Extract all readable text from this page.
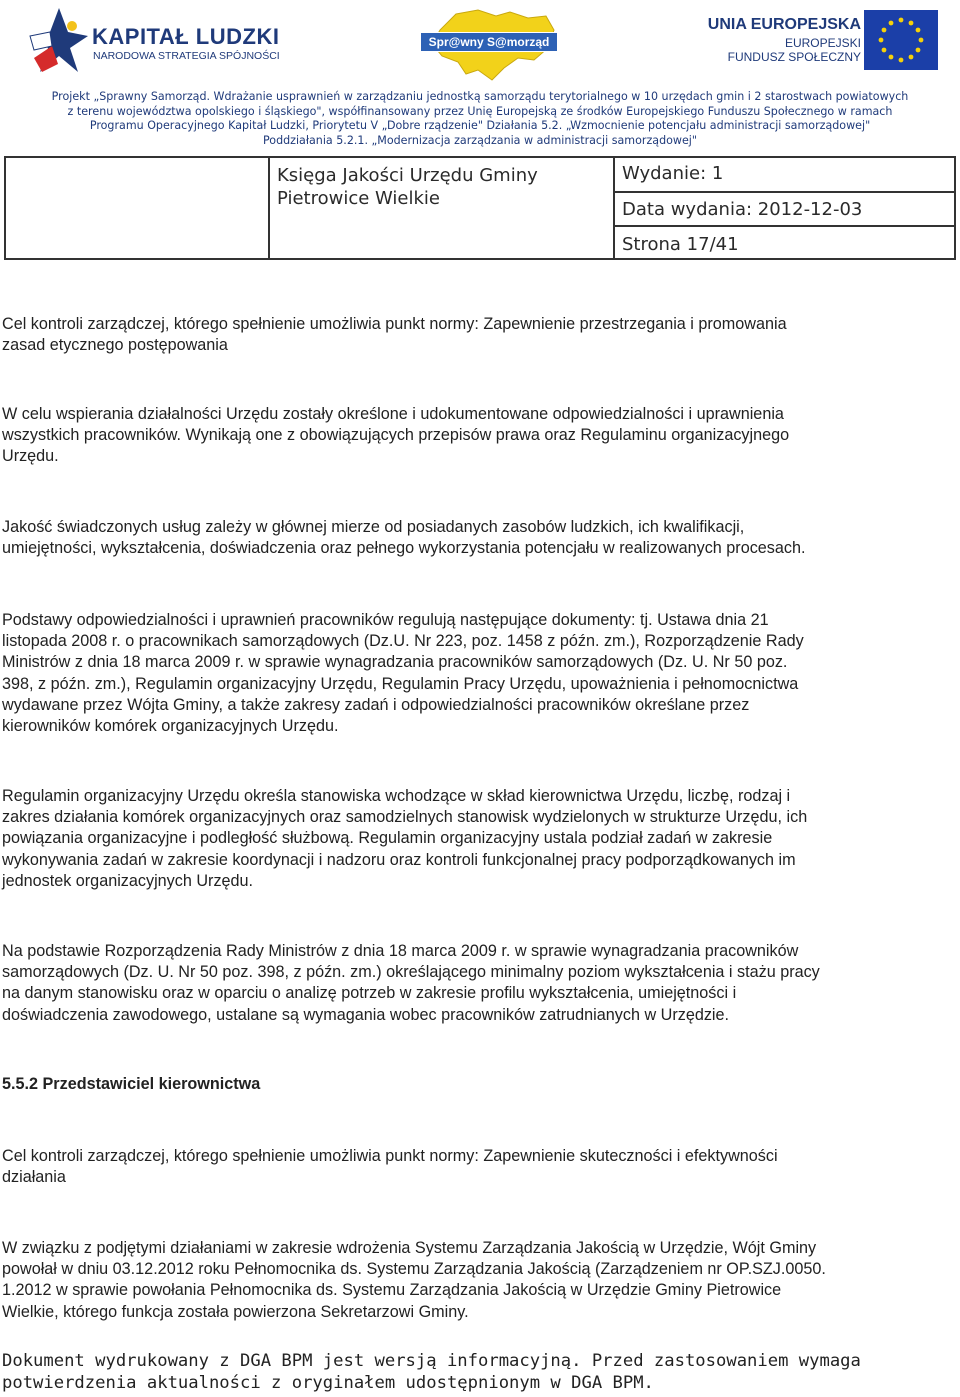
KAPITAŁ LUDZKI
NARODOWA STRATEGIA SPÓJNOŚCI
Spr@wny S@morząd
UNIA EUROPEJSKA
EUROPEJSKI
FUNDUSZ SPOŁECZNY
Projekt „Sprawny Samorząd. Wdrażanie usprawnień w zarządzaniu jednostką samorządu terytorialnego w 10 urzędach gmin i 2 starostwach powiatowych
z terenu województwa opolskiego i śląskiego", współfinansowany przez Unię Europejską ze środków Europejskiego Funduszu Społecznego w ramach
Programu Operacyjnego Kapitał Ludzki, Priorytetu V „Dobre rządzenie" Działania 5.2. „Wzmocnienie potencjału administracji samorządowej"
Poddziałania 5.2.1. „Modernizacja zarządzania w administracji samorządowej"
Księga Jakości Urzędu Gminy
Pietrowice Wielkie
Wydanie: 1
Data wydania: 2012-12-03
Strona 17/41
Cel kontroli zarządczej, którego spełnienie umożliwia punkt normy: Zapewnienie przestrzegania i promowania
zasad etycznego postępowania
W celu wspierania działalności Urzędu zostały określone i udokumentowane odpowiedzialności i uprawnienia
wszystkich pracowników. Wynikają one z obowiązujących przepisów prawa oraz Regulaminu organizacyjnego
Urzędu.
Jakość świadczonych usług zależy w głównej mierze od posiadanych zasobów ludzkich, ich kwalifikacji,
umiejętności, wykształcenia, doświadczenia oraz pełnego wykorzystania potencjału w realizowanych procesach.
Podstawy odpowiedzialności i uprawnień pracowników regulują następujące dokumenty: tj. Ustawa dnia 21
listopada 2008 r. o pracownikach samorządowych (Dz.U. Nr 223, poz. 1458 z późn. zm.), Rozporządzenie Rady
Ministrów z dnia 18 marca 2009 r. w sprawie wynagradzania pracowników samorządowych (Dz. U. Nr 50 poz.
398, z późn. zm.), Regulamin organizacyjny Urzędu, Regulamin Pracy Urzędu, upoważnienia i pełnomocnictwa
wydawane przez Wójta Gminy, a także zakresy zadań i odpowiedzialności pracowników określane przez
kierowników komórek organizacyjnych Urzędu.
Regulamin organizacyjny Urzędu określa stanowiska wchodzące w skład kierownictwa Urzędu, liczbę, rodzaj i
zakres działania komórek organizacyjnych oraz samodzielnych stanowisk wydzielonych w strukturze Urzędu, ich
powiązania organizacyjne i podległość służbową. Regulamin organizacyjny ustala podział zadań w zakresie
wykonywania zadań w zakresie koordynacji i nadzoru oraz kontroli funkcjonalnej pracy podporządkowanych im
jednostek organizacyjnych Urzędu.
Na podstawie Rozporządzenia Rady Ministrów z dnia 18 marca 2009 r. w sprawie wynagradzania pracowników
samorządowych (Dz. U. Nr 50 poz. 398, z późn. zm.) określającego minimalny poziom wykształcenia i stażu pracy
na danym stanowisku oraz w oparciu o analizę potrzeb w zakresie profilu wykształcenia, umiejętności i
doświadczenia zawodowego, ustalane są wymagania wobec pracowników zatrudnianych w Urzędzie.
5.5.2 Przedstawiciel kierownictwa
Cel kontroli zarządczej, którego spełnienie umożliwia punkt normy: Zapewnienie skuteczności i efektywności
działania
W związku z podjętymi działaniami w zakresie wdrożenia Systemu Zarządzania Jakością w Urzędzie, Wójt Gminy
powołał w dniu 03.12.2012 roku Pełnomocnika ds. Systemu Zarządzania Jakością (Zarządzeniem nr OP.SZJ.0050.
1.2012 w sprawie powołania Pełnomocnika ds. Systemu Zarządzania Jakością w Urzędzie Gminy Pietrowice
Wielkie, którego funkcja została powierzona Sekretarzowi Gminy.
Dokument wydrukowany z DGA BPM jest wersją informacyjną. Przed zastosowaniem wymaga
potwierdzenia aktualności z oryginałem udostępnionym w DGA BPM.
